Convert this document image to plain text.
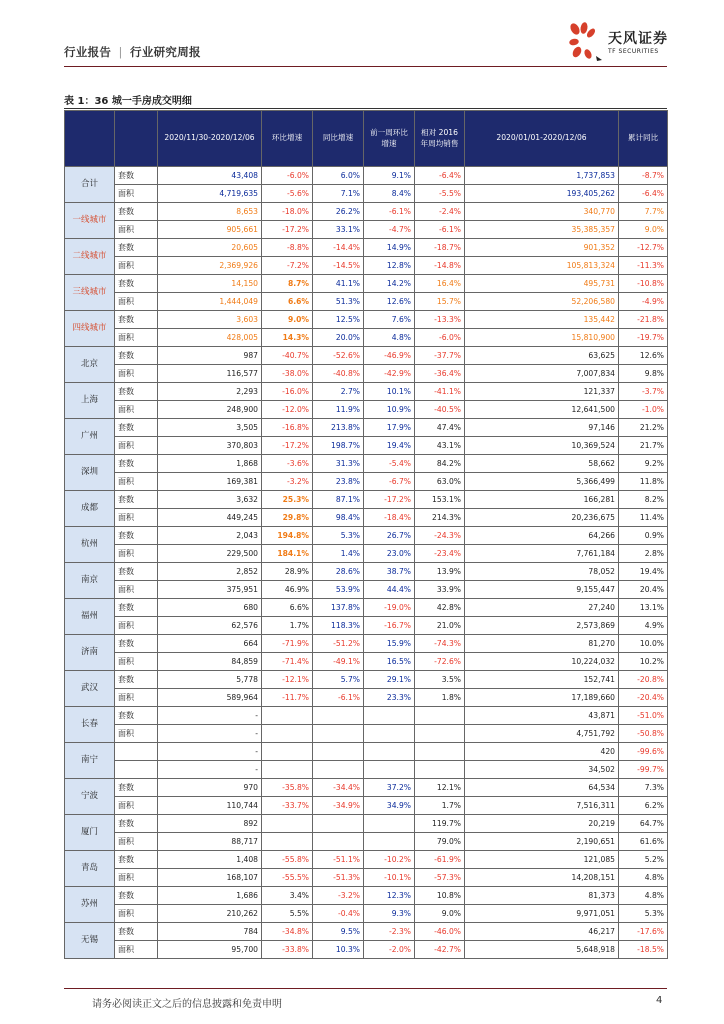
行业报告 | 行业研究周报
天风证券
TF SECURITIES
表 1：36 城一手房成交明细
		2020/11/30-2020/12/06	环比增速	同比增速	前一周环比增速	相对 2016 年周均销售	2020/01/01-2020/12/06	累计同比
合计	套数	43,408	-6.0%	6.0%	9.1%	-6.4%	1,737,853	-8.7%
	面积	4,719,635	-5.6%	7.1%	8.4%	-5.5%	193,405,262	-6.4%
一线城市	套数	8,653	-18.0%	26.2%	-6.1%	-2.4%	340,770	7.7%
	面积	905,661	-17.2%	33.1%	-4.7%	-6.1%	35,385,357	9.0%
二线城市	套数	20,605	-8.8%	-14.4%	14.9%	-18.7%	901,352	-12.7%
	面积	2,369,926	-7.2%	-14.5%	12.8%	-14.8%	105,813,324	-11.3%
三线城市	套数	14,150	8.7%	41.1%	14.2%	16.4%	495,731	-10.8%
	面积	1,444,049	6.6%	51.3%	12.6%	15.7%	52,206,580	-4.9%
四线城市	套数	3,603	9.0%	12.5%	7.6%	-13.3%	135,442	-21.8%
	面积	428,005	14.3%	20.0%	4.8%	-6.0%	15,810,900	-19.7%
北京	套数	987	-40.7%	-52.6%	-46.9%	-37.7%	63,625	12.6%
	面积	116,577	-38.0%	-40.8%	-42.9%	-36.4%	7,007,834	9.8%
上海	套数	2,293	-16.0%	2.7%	10.1%	-41.1%	121,337	-3.7%
	面积	248,900	-12.0%	11.9%	10.9%	-40.5%	12,641,500	-1.0%
广州	套数	3,505	-16.8%	213.8%	17.9%	47.4%	97,146	21.2%
	面积	370,803	-17.2%	198.7%	19.4%	43.1%	10,369,524	21.7%
深圳	套数	1,868	-3.6%	31.3%	-5.4%	84.2%	58,662	9.2%
	面积	169,381	-3.2%	23.8%	-6.7%	63.0%	5,366,499	11.8%
成都	套数	3,632	25.3%	87.1%	-17.2%	153.1%	166,281	8.2%
	面积	449,245	29.8%	98.4%	-18.4%	214.3%	20,236,675	11.4%
杭州	套数	2,043	194.8%	5.3%	26.7%	-24.3%	64,266	0.9%
	面积	229,500	184.1%	1.4%	23.0%	-23.4%	7,761,184	2.8%
南京	套数	2,852	28.9%	28.6%	38.7%	13.9%	78,052	19.4%
	面积	375,951	46.9%	53.9%	44.4%	33.9%	9,155,447	20.4%
福州	套数	680	6.6%	137.8%	-19.0%	42.8%	27,240	13.1%
	面积	62,576	1.7%	118.3%	-16.7%	21.0%	2,573,869	4.9%
济南	套数	664	-71.9%	-51.2%	15.9%	-74.3%	81,270	10.0%
	面积	84,859	-71.4%	-49.1%	16.5%	-72.6%	10,224,032	10.2%
武汉	套数	5,778	-12.1%	5.7%	29.1%	3.5%	152,741	-20.8%
	面积	589,964	-11.7%	-6.1%	23.3%	1.8%	17,189,660	-20.4%
长春	套数	-					43,871	-51.0%
	面积	-					4,751,792	-50.8%
南宁		-					420	-99.6%
		-					34,502	-99.7%
宁波	套数	970	-35.8%	-34.4%	37.2%	12.1%	64,534	7.3%
	面积	110,744	-33.7%	-34.9%	34.9%	1.7%	7,516,311	6.2%
厦门	套数	892				119.7%	20,219	64.7%
	面积	88,717				79.0%	2,190,651	61.6%
青岛	套数	1,408	-55.8%	-51.1%	-10.2%	-61.9%	121,085	5.2%
	面积	168,107	-55.5%	-51.3%	-10.1%	-57.3%	14,208,151	4.8%
苏州	套数	1,686	3.4%	-3.2%	12.3%	10.8%	81,373	4.8%
	面积	210,262	5.5%	-0.4%	9.3%	9.0%	9,971,051	5.3%
无锡	套数	784	-34.8%	9.5%	-2.3%	-46.0%	46,217	-17.6%
	面积	95,700	-33.8%	10.3%	-2.0%	-42.7%	5,648,918	-18.5%
请务必阅读正文之后的信息披露和免责申明	4
